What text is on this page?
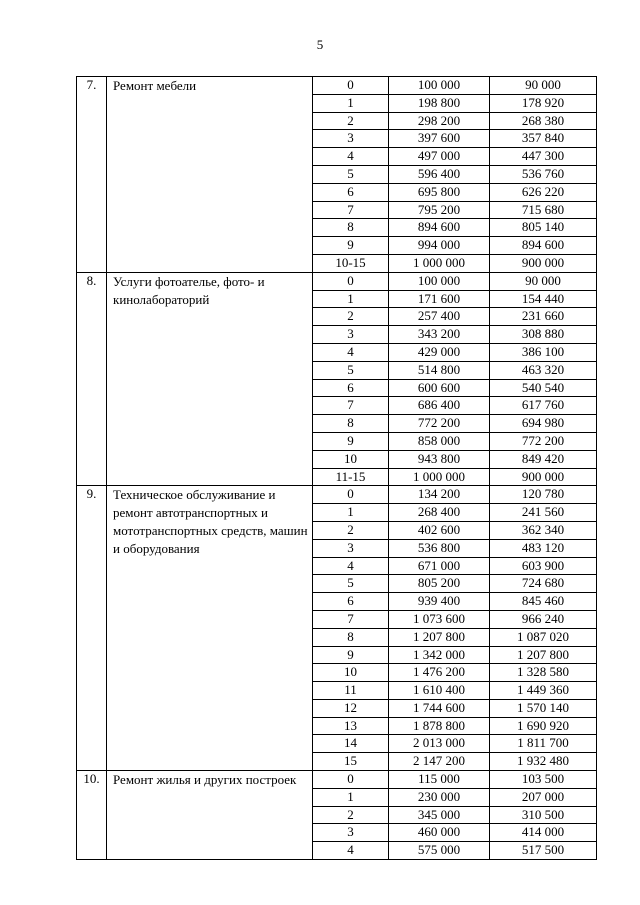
5
7.	Ремонт мебели	0	100 000	90 000
		1	198 800	178 920
		2	298 200	268 380
		3	397 600	357 840
		4	497 000	447 300
		5	596 400	536 760
		6	695 800	626 220
		7	795 200	715 680
		8	894 600	805 140
		9	994 000	894 600
		10-15	1 000 000	900 000
8.	Услуги фотоателье, фото- и кинолабораторий	0	100 000	90 000
		1	171 600	154 440
		2	257 400	231 660
		3	343 200	308 880
		4	429 000	386 100
		5	514 800	463 320
		6	600 600	540 540
		7	686 400	617 760
		8	772 200	694 980
		9	858 000	772 200
		10	943 800	849 420
		11-15	1 000 000	900 000
9.	Техническое обслуживание и ремонт автотранспортных и мототранспортных средств, машин и оборудования	0	134 200	120 780
		1	268 400	241 560
		2	402 600	362 340
		3	536 800	483 120
		4	671 000	603 900
		5	805 200	724 680
		6	939 400	845 460
		7	1 073 600	966 240
		8	1 207 800	1 087 020
		9	1 342 000	1 207 800
		10	1 476 200	1 328 580
		11	1 610 400	1 449 360
		12	1 744 600	1 570 140
		13	1 878 800	1 690 920
		14	2 013 000	1 811 700
		15	2 147 200	1 932 480
10.	Ремонт жилья и других построек	0	115 000	103 500
		1	230 000	207 000
		2	345 000	310 500
		3	460 000	414 000
		4	575 000	517 500
